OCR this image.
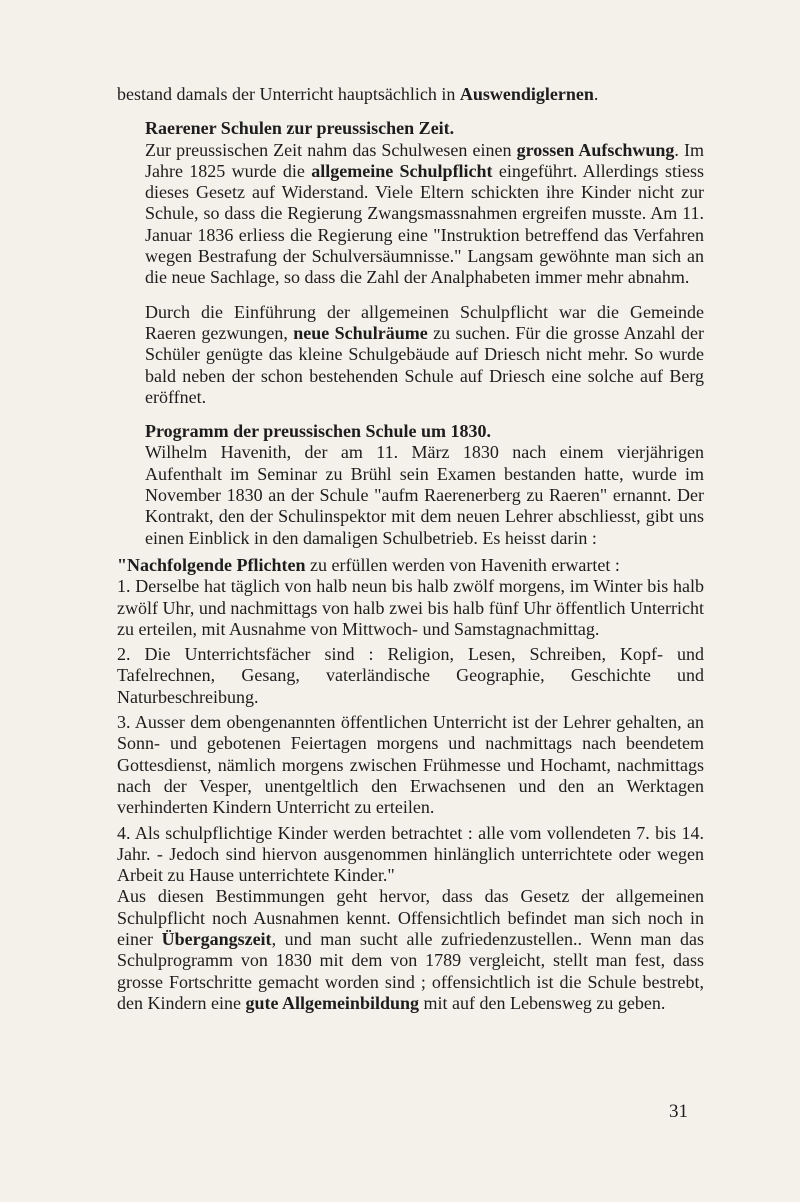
bestand damals der Unterricht hauptsächlich in Auswendiglernen.

Raerener Schulen zur preussischen Zeit.

Zur preussischen Zeit nahm das Schulwesen einen grossen Aufschwung. Im Jahre 1825 wurde die allgemeine Schulpflicht eingeführt. Allerdings stiess dieses Gesetz auf Widerstand. Viele Eltern schickten ihre Kinder nicht zur Schule, so dass die Regierung Zwangsmassnahmen ergreifen musste. Am 11. Januar 1836 erliess die Regierung eine "Instruktion betreffend das Verfahren wegen Bestrafung der Schulversäumnisse." Langsam gewöhnte man sich an die neue Sachlage, so dass die Zahl der Analphabeten immer mehr abnahm.

Durch die Einführung der allgemeinen Schulpflicht war die Gemeinde Raeren gezwungen, neue Schulräume zu suchen. Für die grosse Anzahl der Schüler genügte das kleine Schulgebäude auf Driesch nicht mehr. So wurde bald neben der schon bestehenden Schule auf Driesch eine solche auf Berg eröffnet.

Programm der preussischen Schule um 1830.

Wilhelm Havenith, der am 11. März 1830 nach einem vierjährigen Aufenthalt im Seminar zu Brühl sein Examen bestanden hatte, wurde im November 1830 an der Schule "aufm Raerenerberg zu Raeren" ernannt. Der Kontrakt, den der Schulinspektor mit dem neuen Lehrer abschliesst, gibt uns einen Einblick in den damaligen Schulbetrieb. Es heisst darin :

"Nachfolgende Pflichten zu erfüllen werden von Havenith erwartet :

1. Derselbe hat täglich von halb neun bis halb zwölf morgens, im Winter bis halb zwölf Uhr, und nachmittags von halb zwei bis halb fünf Uhr öffentlich Unterricht zu erteilen, mit Ausnahme von Mittwoch- und Samstagnachmittag.

2. Die Unterrichtsfächer sind : Religion, Lesen, Schreiben, Kopf- und Tafelrechnen, Gesang, vaterländische Geographie, Geschichte und Naturbeschreibung.

3. Ausser dem obengenannten öffentlichen Unterricht ist der Lehrer gehalten, an Sonn- und gebotenen Feiertagen morgens und nachmittags nach beendetem Gottesdienst, nämlich morgens zwischen Frühmesse und Hochamt, nachmittags nach der Vesper, unentgeltlich den Erwachsenen und den an Werktagen verhinderten Kindern Unterricht zu erteilen.

4. Als schulpflichtige Kinder werden betrachtet : alle vom vollendeten 7. bis 14. Jahr. - Jedoch sind hiervon ausgenommen hinlänglich unterrichtete oder wegen Arbeit zu Hause unterrichtete Kinder."

Aus diesen Bestimmungen geht hervor, dass das Gesetz der allgemeinen Schulpflicht noch Ausnahmen kennt. Offensichtlich befindet man sich noch in einer Übergangszeit, und man sucht alle zufriedenzustellen.. Wenn man das Schulprogramm von 1830 mit dem von 1789 vergleicht, stellt man fest, dass grosse Fortschritte gemacht worden sind ; offensichtlich ist die Schule bestrebt, den Kindern eine gute Allgemeinbildung mit auf den Lebensweg zu geben.

31
